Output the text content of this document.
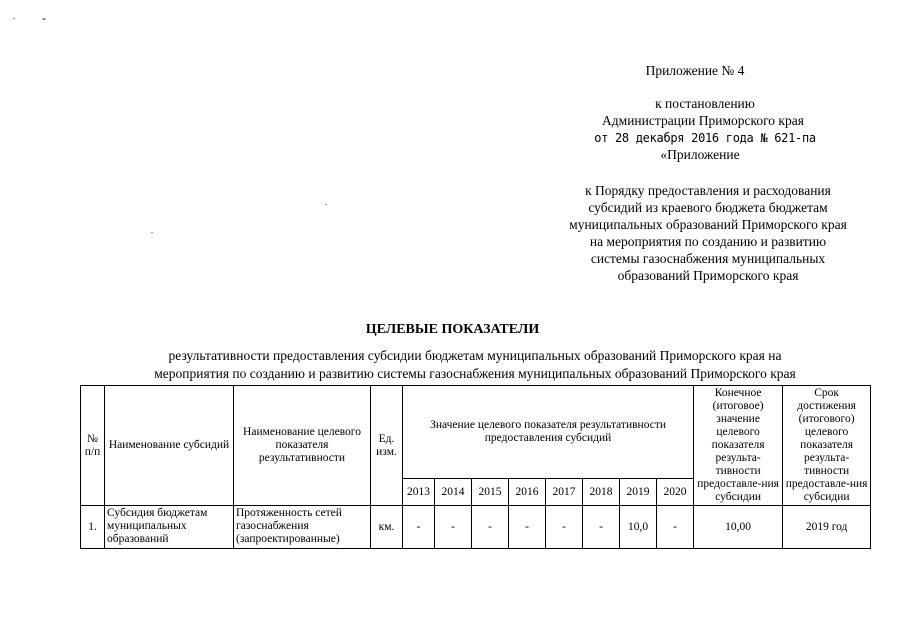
. -
.
.
Приложение № 4
к постановлению
Администрации Приморского края
от 28 декабря 2016 года № 621-па
«Приложение
к Порядку предоставления и расходования
субсидий из краевого бюджета бюджетам
муниципальных образований Приморского края
на мероприятия по созданию и развитию
системы газоснабжения муниципальных
образований Приморского края
ЦЕЛЕВЫЕ ПОКАЗАТЕЛИ
результативности предоставления субсидии бюджетам муниципальных образований Приморского края на
мероприятия по созданию и развитию системы газоснабжения муниципальных образований Приморского края
№ п/п	Наименование субсидий	Наименование целевого показателя результативности	Ед. изм.	Значение целевого показателя результативности предоставления субсидий								Конечное (итоговое) значение целевого показателя результа-тивности предоставле-ния субсидии	Срок достижения (итогового) целевого показателя результа-тивности предоставле-ния субсидии
				2013	2014	2015	2016	2017	2018	2019	2020		
1.	Субсидия бюджетам муниципальных образований	Протяженность сетей газоснабжения (запроектированные)	км.	-	-	-	-	-	-	10,0	-	10,00	2019 год
